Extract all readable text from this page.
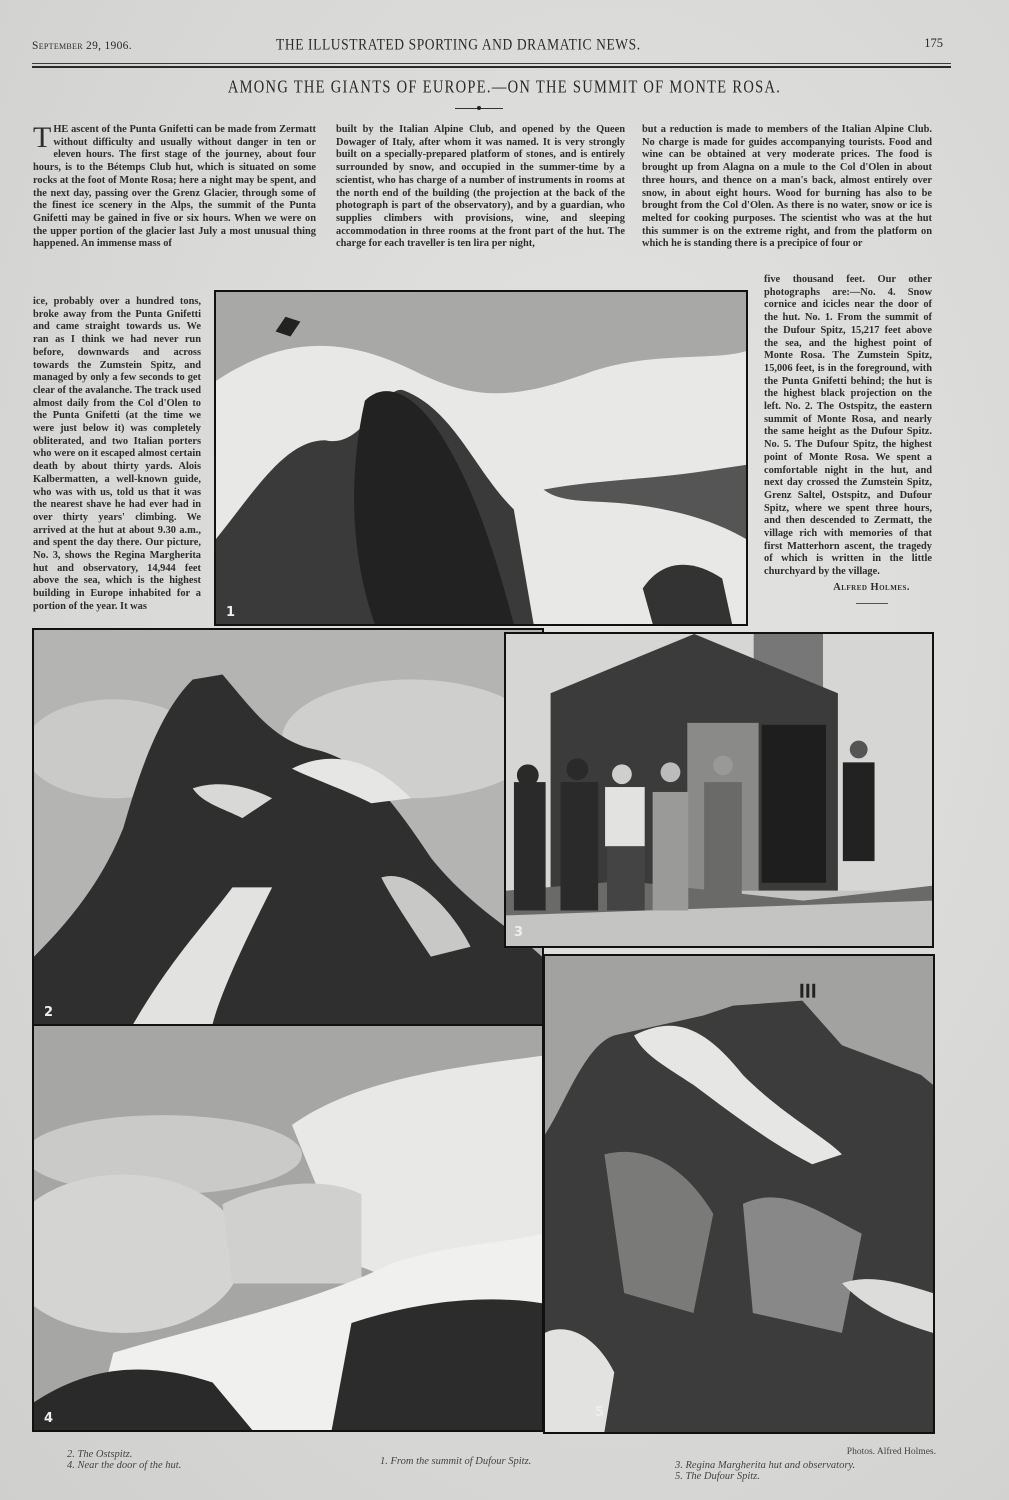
September 29, 1906.	THE ILLUSTRATED SPORTING AND DRAMATIC NEWS.	175
AMONG THE GIANTS OF EUROPE.—ON THE SUMMIT OF MONTE ROSA.

THE ascent of the Punta Gnifetti can be made from Zermatt without difficulty and usually without danger in ten or eleven hours. The first stage of the journey, about four hours, is to the Bétemps Club hut, which is situated on some rocks at the foot of Monte Rosa; here a night may be spent, and the next day, passing over the Grenz Glacier, through some of the finest ice scenery in the Alps, the summit of the Punta Gnifetti may be gained in five or six hours. When we were on the upper portion of the glacier last July a most unusual thing happened. An immense mass of

ice, probably over a hundred tons, broke away from the Punta Gnifetti and came straight towards us. We ran as I think we had never run before, downwards and across towards the Zumstein Spitz, and managed by only a few seconds to get clear of the avalanche. The track used almost daily from the Col d'Olen to the Punta Gnifetti (at the time we were just below it) was completely obliterated, and two Italian porters who were on it escaped almost certain death by about thirty yards. Alois Kalbermatten, a well-known guide, who was with us, told us that it was the nearest shave he had ever had in over thirty years' climbing. We arrived at the hut at about 9.30 a.m., and spent the day there. Our picture, No. 3, shows the Regina Margherita hut and observatory, 14,944 feet above the sea, which is the highest building in Europe inhabited for a portion of the year. It was

built by the Italian Alpine Club, and opened by the Queen Dowager of Italy, after whom it was named. It is very strongly built on a specially-prepared platform of stones, and is entirely surrounded by snow, and occupied in the summer-time by a scientist, who has charge of a number of instruments in rooms at the north end of the building (the projection at the back of the photograph is part of the observatory), and by a guardian, who supplies climbers with provisions, wine, and sleeping accommodation in three rooms at the front part of the hut. The charge for each traveller is ten lira per night,

but a reduction is made to members of the Italian Alpine Club. No charge is made for guides accompanying tourists. Food and wine can be obtained at very moderate prices. The food is brought up from Alagna on a mule to the Col d'Olen in about three hours, and thence on a man's back, almost entirely over snow, in about eight hours. Wood for burning has also to be brought from the Col d'Olen. As there is no water, snow or ice is melted for cooking purposes. The scientist who was at the hut this summer is on the extreme right, and from the platform on which he is standing there is a precipice of four or

five thousand feet. Our other photographs are:—No. 4. Snow cornice and icicles near the door of the hut. No. 1. From the summit of the Dufour Spitz, 15,217 feet above the sea, and the highest point of Monte Rosa. The Zumstein Spitz, 15,006 feet, is in the foreground, with the Punta Gnifetti behind; the hut is the highest black projection on the left. No. 2. The Ostspitz, the eastern summit of Monte Rosa, and nearly the same height as the Dufour Spitz. No. 5. The Dufour Spitz, the highest point of Monte Rosa. We spent a comfortable night in the hut, and next day crossed the Zumstein Spitz, Grenz Saltel, Ostspitz, and Dufour Spitz, where we spent three hours, and then descended to Zermatt, the village rich with memories of that first Matterhorn ascent, the tragedy of which is written in the little churchyard by the village.

Alfred Holmes.
1
2
3
4	5
2. The Ostspitz.
4. Near the door of the hut.	1. From the summit of Dufour Spitz.
Photos. Alfred Holmes.
3. Regina Margherita hut and observatory.
5. The Dufour Spitz.
